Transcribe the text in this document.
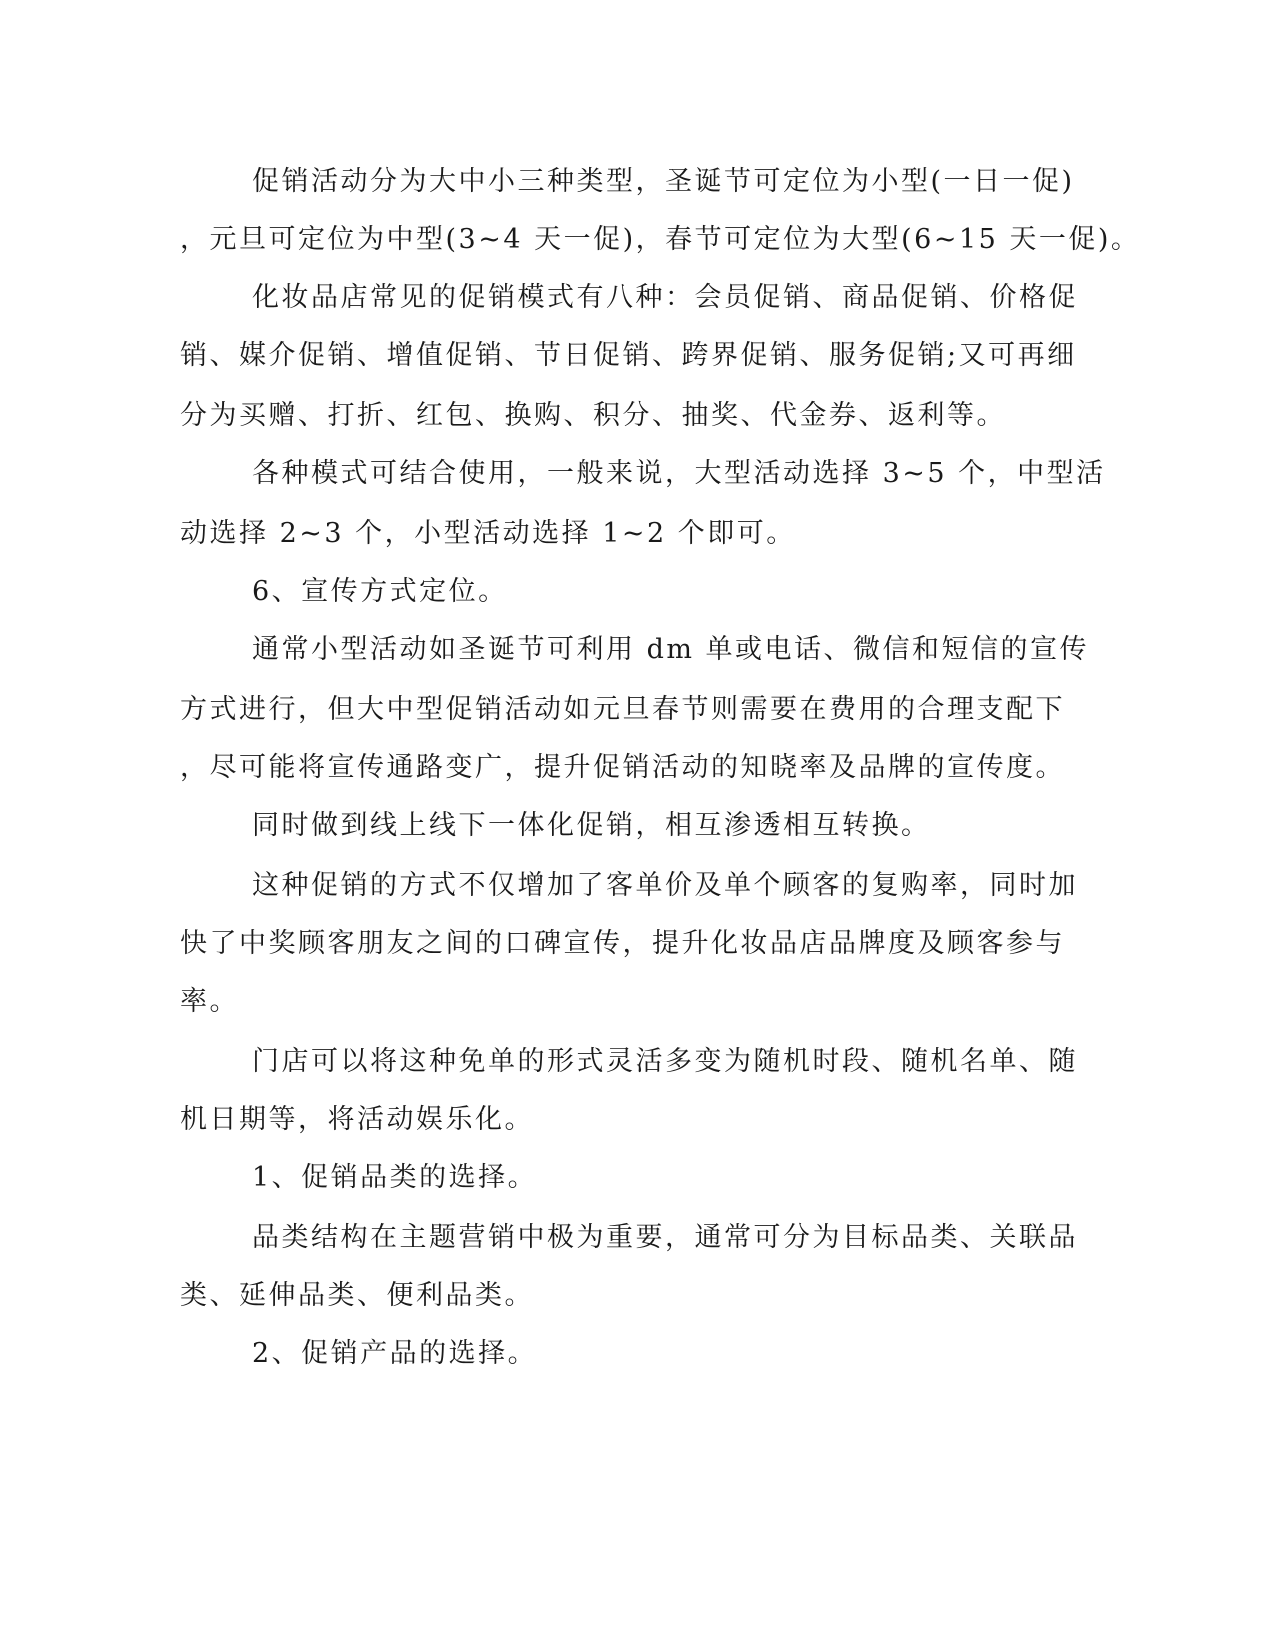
促销活动分为大中小三种类型，圣诞节可定位为小型(一日一促)
，元旦可定位为中型(3~4 天一促)，春节可定位为大型(6~15 天一促)。
化妆品店常见的促销模式有八种：会员促销、商品促销、价格促
销、媒介促销、增值促销、节日促销、跨界促销、服务促销;又可再细
分为买赠、打折、红包、换购、积分、抽奖、代金券、返利等。
各种模式可结合使用，一般来说，大型活动选择 3~5 个，中型活
动选择 2~3 个，小型活动选择 1~2 个即可。
6、宣传方式定位。
通常小型活动如圣诞节可利用 dm 单或电话、微信和短信的宣传
方式进行，但大中型促销活动如元旦春节则需要在费用的合理支配下
，尽可能将宣传通路变广，提升促销活动的知晓率及品牌的宣传度。
同时做到线上线下一体化促销，相互渗透相互转换。
这种促销的方式不仅增加了客单价及单个顾客的复购率，同时加
快了中奖顾客朋友之间的口碑宣传，提升化妆品店品牌度及顾客参与
率。
门店可以将这种免单的形式灵活多变为随机时段、随机名单、随
机日期等，将活动娱乐化。
1、促销品类的选择。
品类结构在主题营销中极为重要，通常可分为目标品类、关联品
类、延伸品类、便利品类。
2、促销产品的选择。
